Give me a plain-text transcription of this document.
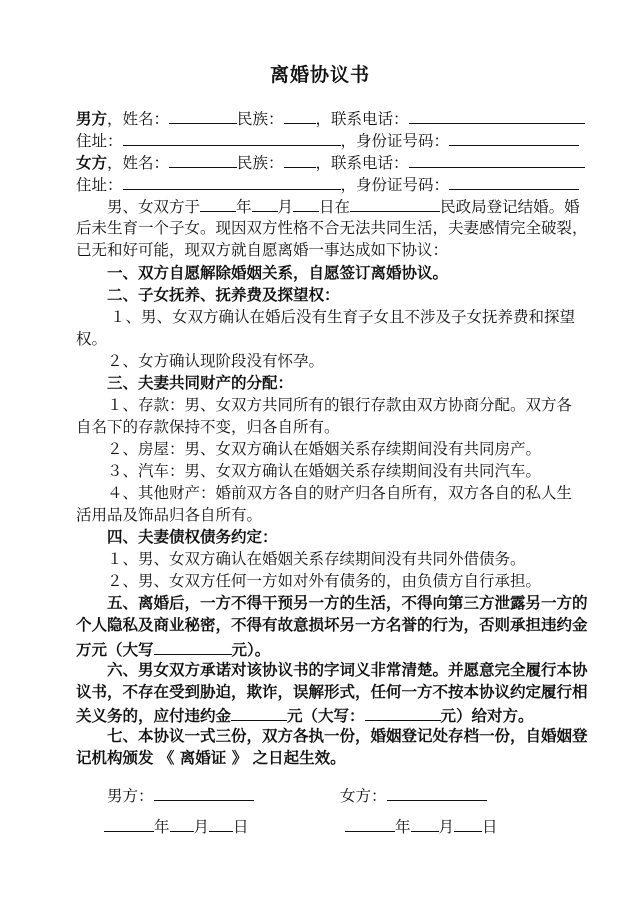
离婚协议书
男方，姓名：	民族： ，联系电话：
住址：	，身份证号码：
女方，姓名：	民族： ，联系电话：
住址：	，身份证号码：
男、女双方于 年 月 日在	民政局登记结婚。婚
后未生育一个子女。现因双方性格不合无法共同生活，夫妻感情完全破裂，
已无和好可能，现双方就自愿离婚一事达成如下协议：
一、双方自愿解除婚姻关系，自愿签订离婚协议。
二、子女抚养、抚养费及探望权：
１、男、女双方确认在婚后没有生育子女且不涉及子女抚养费和探望
权。
２、女方确认现阶段没有怀孕。
三、夫妻共同财产的分配：
１、存款：男、女双方共同所有的银行存款由双方协商分配。双方各
自名下的存款保持不变，归各自所有。
２、房屋：男、女双方确认在婚姻关系存续期间没有共同房产。
３、汽车：男、女双方确认在婚姻关系存续期间没有共同汽车。
４、其他财产：婚前双方各自的财产归各自所有，双方各自的私人生
活用品及饰品归各自所有。
四、夫妻债权债务约定：
１、男、女双方确认在婚姻关系存续期间没有共同外借债务。
２、男、女双方任何一方如对外有债务的，由负债方自行承担。
五、离婚后，一方不得干预另一方的生活，不得向第三方泄露另一方的
个人隐私及商业秘密，不得有故意损坏另一方名誉的行为，否则承担违约金
万元（大写	元）。
六、男女双方承诺对该协议书的字词义非常清楚。并愿意完全履行本协
议书，不存在受到胁迫，欺诈，误解形式，任何一方不按本协议约定履行相
关义务的，应付违约金	元（大写：	元）给对方。
七、本协议一式三份，双方各执一份，婚姻登记处存档一份，自婚姻登
记机构颁发 《 离婚证 》 之日起生效。
男方：	女方：
年 月 日	年 月 日
